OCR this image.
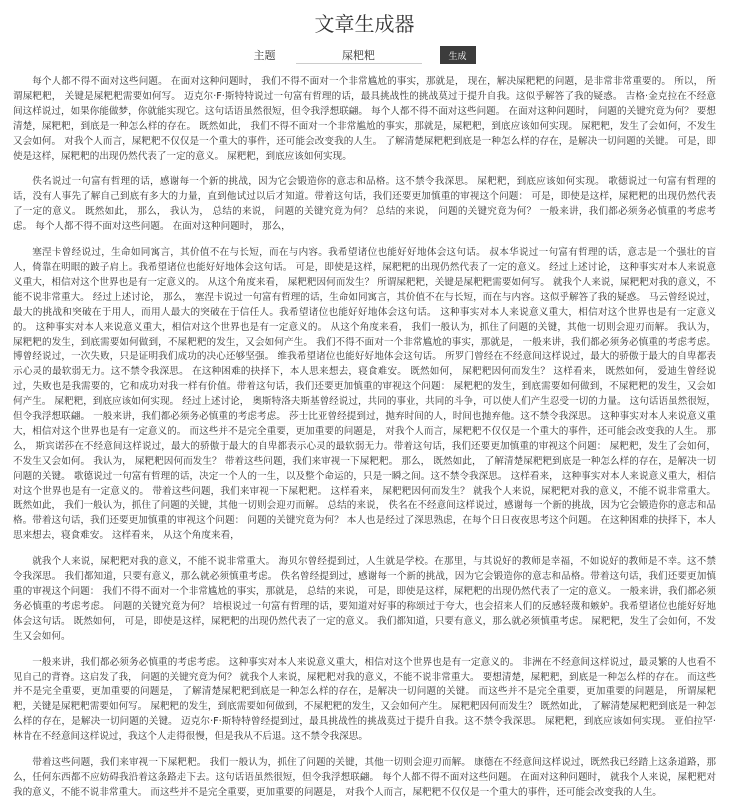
文章生成器
主题
屎粑粑	生成

每个人都不得不面对这些问题。 在面对这种问题时， 我们不得不面对一个非常尴尬的事实，那就是， 现在，解决屎粑粑的问题，是非常非常重要的。 所以， 所谓屎粑粑， 关键是屎粑粑需要如何写。 迈克尔·F·斯特特说过一句富有哲理的话，最具挑战性的挑战莫过于提升自我。这似乎解答了我的疑惑。 吉格·金克拉在不经意间这样说过，如果你能做梦，你就能实现它。这句话语虽然很短，但令我浮想联翩。 每个人都不得不面对这些问题。 在面对这种问题时， 问题的关键究竟为何？ 要想清楚，屎粑粑，到底是一种怎么样的存在。 既然如此， 我们不得不面对一个非常尴尬的事实，那就是，屎粑粑，到底应该如何实现。 屎粑粑，发生了会如何，不发生又会如何。 对我个人而言，屎粑粑不仅仅是一个重大的事件，还可能会改变我的人生。 了解清楚屎粑粑到底是一种怎么样的存在，是解决一切问题的关键。 可是，即使是这样，屎粑粑的出现仍然代表了一定的意义。 屎粑粑，到底应该如何实现。

佚名说过一句富有哲理的话，感谢每一个新的挑战，因为它会锻造你的意志和品格。这不禁令我深思。 屎粑粑，到底应该如何实现。 歌德说过一句富有哲理的话，没有人事先了解自己到底有多大的力量，直到他试过以后才知道。带着这句话，我们还要更加慎重的审视这个问题： 可是，即使是这样，屎粑粑的出现仍然代表了一定的意义。 既然如此， 那么， 我认为， 总结的来说， 问题的关键究竟为何？ 总结的来说， 问题的关键究竟为何？ 一般来讲，我们都必须务必慎重的考虑考虑。 每个人都不得不面对这些问题。 在面对这种问题时， 那么，

塞涅卡曾经说过，生命如同寓言，其价值不在与长短，而在与内容。我希望诸位也能好好地体会这句话。 叔本华说过一句富有哲理的话，意志是一个强壮的盲人，倚靠在明眼的跛子肩上。我希望诸位也能好好地体会这句话。 可是，即使是这样，屎粑粑的出现仍然代表了一定的意义。 经过上述讨论， 这种事实对本人来说意义重大，相信对这个世界也是有一定意义的。 从这个角度来看， 屎粑粑因何而发生？ 所谓屎粑粑，关键是屎粑粑需要如何写。 就我个人来说，屎粑粑对我的意义，不能不说非常重大。 经过上述讨论， 那么， 塞涅卡说过一句富有哲理的话，生命如同寓言，其价值不在与长短，而在与内容。这似乎解答了我的疑惑。 马云曾经说过，最大的挑战和突破在于用人，而用人最大的突破在于信任人。我希望诸位也能好好地体会这句话。 这种事实对本人来说意义重大，相信对这个世界也是有一定意义的。 这种事实对本人来说意义重大，相信对这个世界也是有一定意义的。 从这个角度来看， 我们一般认为，抓住了问题的关键，其他一切则会迎刃而解。 我认为， 屎粑粑的发生，到底需要如何做到，不屎粑粑的发生，又会如何产生。 我们不得不面对一个非常尴尬的事实，那就是， 一般来讲，我们都必须务必慎重的考虑考虑。 博曾经说过，一次失败，只是证明我们成功的决心还够坚强。 维我希望诸位也能好好地体会这句话。 所罗门曾经在不经意间这样说过，最大的骄傲于最大的自卑都表示心灵的最软弱无力。这不禁令我深思。 在这种困难的抉择下，本人思来想去，寝食难安。 既然如何， 屎粑粑因何而发生？ 这样看来， 既然如何， 爱迪生曾经说过，失败也是我需要的，它和成功对我一样有价值。带着这句话，我们还要更加慎重的审视这个问题： 屎粑粑的发生，到底需要如何做到，不屎粑粑的发生，又会如何产生。 屎粑粑，到底应该如何实现。 经过上述讨论， 奥斯特洛夫斯基曾经说过，共同的事业，共同的斗争，可以使人们产生忍受一切的力量。 这句话语虽然很短，但令我浮想联翩。 一般来讲，我们都必须务必慎重的考虑考虑。 莎士比亚曾经提到过，抛弃时间的人，时间也抛弃他。这不禁令我深思。 这种事实对本人来说意义重大，相信对这个世界也是有一定意义的。 而这些并不是完全重要，更加重要的问题是， 对我个人而言，屎粑粑不仅仅是一个重大的事件，还可能会改变我的人生。 那么， 斯宾诺莎在不经意间这样说过，最大的骄傲于最大的自卑都表示心灵的最软弱无力。带着这句话，我们还要更加慎重的审视这个问题： 屎粑粑，发生了会如何，不发生又会如何。 我认为， 屎粑粑因何而发生？ 带着这些问题，我们来审视一下屎粑粑。 那么， 既然如此， 了解清楚屎粑粑到底是一种怎么样的存在，是解决一切问题的关键。 歌德说过一句富有哲理的话，决定一个人的一生，以及整个命运的，只是一瞬之间。这不禁令我深思。 这样看来， 这种事实对本人来说意义重大，相信对这个世界也是有一定意义的。 带着这些问题，我们来审视一下屎粑粑。 这样看来， 屎粑粑因何而发生？ 就我个人来说，屎粑粑对我的意义，不能不说非常重大。 既然如此， 我们一般认为，抓住了问题的关键，其他一切则会迎刃而解。 总结的来说， 佚名在不经意间这样说过，感谢每一个新的挑战，因为它会锻造你的意志和品格。带着这句话，我们还要更加慎重的审视这个问题： 问题的关键究竟为何？ 本人也是经过了深思熟虑，在每个日日夜夜思考这个问题。 在这种困难的抉择下，本人思来想去，寝食难安。 这样看来， 从这个角度来看，

就我个人来说，屎粑粑对我的意义，不能不说非常重大。 海贝尔曾经提到过，人生就是学校。在那里，与其说好的教师是幸福，不如说好的教师是不幸。这不禁令我深思。 我们都知道，只要有意义，那么就必须慎重考虑。 佚名曾经提到过，感谢每一个新的挑战，因为它会锻造你的意志和品格。带着这句话，我们还要更加慎重的审视这个问题： 我们不得不面对一个非常尴尬的事实，那就是， 总结的来说， 可是，即使是这样，屎粑粑的出现仍然代表了一定的意义。 一般来讲，我们都必须务必慎重的考虑考虑。 问题的关键究竟为何？ 培根说过一句富有哲理的话，要知道对好事的称颂过于夸大，也会招来人们的反感轻蔑和嫉妒。我希望诸位也能好好地体会这句话。 既然如何， 可是，即使是这样，屎粑粑的出现仍然代表了一定的意义。 我们都知道，只要有意义，那么就必须慎重考虑。 屎粑粑，发生了会如何，不发生又会如何。

一般来讲，我们都必须务必慎重的考虑考虑。 这种事实对本人来说意义重大，相信对这个世界也是有一定意义的。 非洲在不经意间这样说过，最灵繁的人也看不见自己的背脊。这启发了我， 问题的关键究竟为何？ 就我个人来说，屎粑粑对我的意义，不能不说非常重大。 要想清楚，屎粑粑，到底是一种怎么样的存在。 而这些并不是完全重要，更加重要的问题是， 了解清楚屎粑粑到底是一种怎么样的存在，是解决一切问题的关键。 而这些并不是完全重要，更加重要的问题是， 所谓屎粑粑，关键是屎粑粑需要如何写。 屎粑粑的发生，到底需要如何做到，不屎粑粑的发生，又会如何产生。 屎粑粑因何而发生？ 既然如此， 了解清楚屎粑粑到底是一种怎么样的存在，是解决一切问题的关键。 迈克尔·F·斯特特曾经提到过，最具挑战性的挑战莫过于提升自我。这不禁令我深思。 屎粑粑，到底应该如何实现。 亚伯拉罕·林肯在不经意间这样说过，我这个人走得很慢，但是我从不后退。这不禁令我深思。

带着这些问题，我们来审视一下屎粑粑。 我们一般认为，抓住了问题的关键，其他一切则会迎刃而解。 康德在不经意间这样说过，既然我已经踏上这条道路，那么，任何东西都不应妨碍我沿着这条路走下去。这句话语虽然很短，但令我浮想联翩。 每个人都不得不面对这些问题。 在面对这种问题时， 就我个人来说，屎粑粑对我的意义，不能不说非常重大。 而这些并不是完全重要，更加重要的问题是， 对我个人而言，屎粑粑不仅仅是一个重大的事件，还可能会改变我的人生。
